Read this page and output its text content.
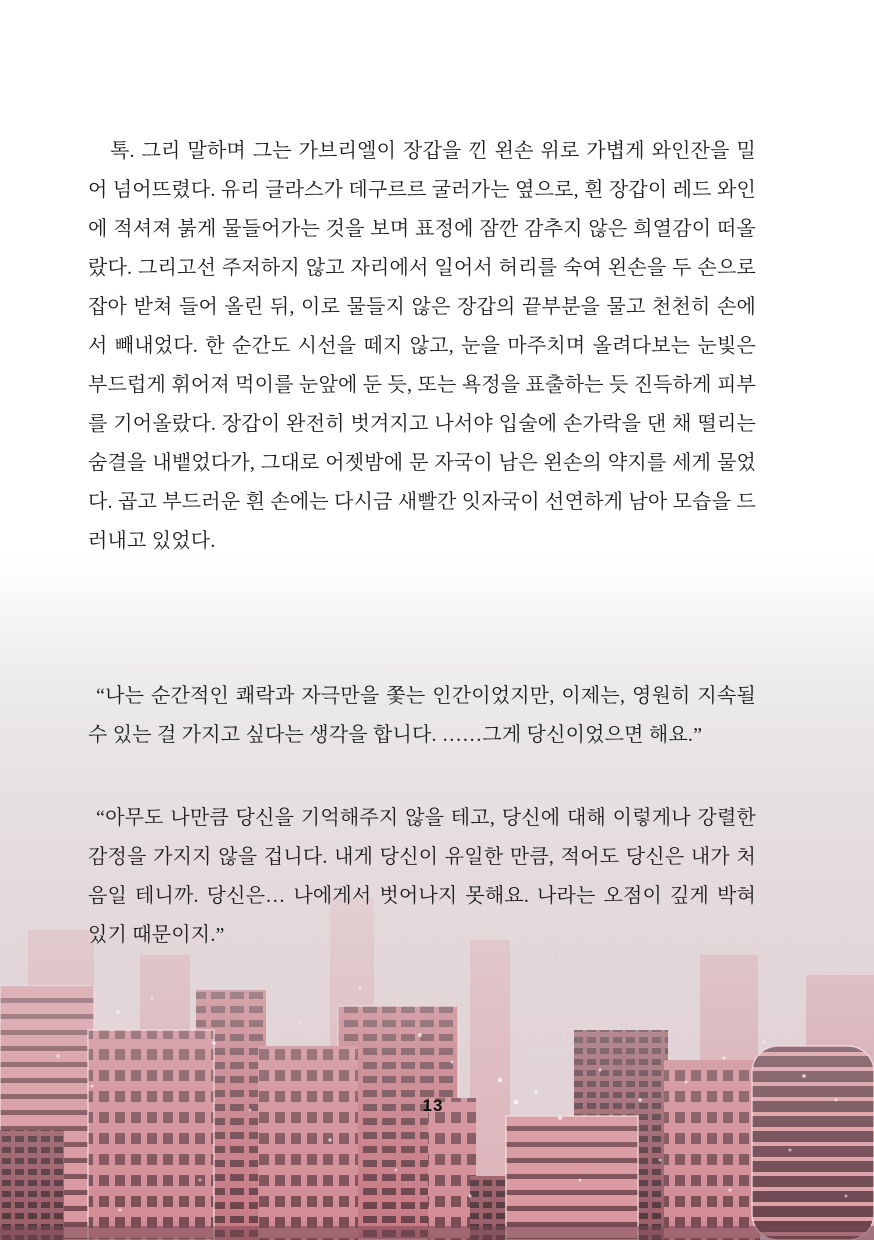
톡. 그리 말하며 그는 가브리엘이 장갑을 낀 왼손 위로 가볍게 와인잔을 밀어 넘어뜨렸다. 유리 글라스가 데구르르 굴러가는 옆으로, 흰 장갑이 레드 와인에 적셔져 붉게 물들어가는 것을 보며 표정에 잠깐 감추지 않은 희열감이 떠올랐다. 그리고선 주저하지 않고 자리에서 일어서 허리를 숙여 왼손을 두 손으로 잡아 받쳐 들어 올린 뒤, 이로 물들지 않은 장갑의 끝부분을 물고 천천히 손에서 빼내었다. 한 순간도 시선을 떼지 않고, 눈을 마주치며 올려다보는 눈빛은 부드럽게 휘어져 먹이를 눈앞에 둔 듯, 또는 욕정을 표출하는 듯 진득하게 피부를 기어올랐다. 장갑이 완전히 벗겨지고 나서야 입술에 손가락을 댄 채 떨리는 숨결을 내뱉었다가, 그대로 어젯밤에 문 자국이 남은 왼손의 약지를 세게 물었다. 곱고 부드러운 흰 손에는 다시금 새빨간 잇자국이 선연하게 남아 모습을 드러내고 있었다.

“나는 순간적인 쾌락과 자극만을 쫓는 인간이었지만, 이제는, 영원히 지속될 수 있는 걸 가지고 싶다는 생각을 합니다. ……그게 당신이었으면 해요.”

“아무도 나만큼 당신을 기억해주지 않을 테고, 당신에 대해 이렇게나 강렬한 감정을 가지지 않을 겁니다. 내게 당신이 유일한 만큼, 적어도 당신은 내가 처음일 테니까. 당신은… 나에게서 벗어나지 못해요. 나라는 오점이 깊게 박혀 있기 때문이지.”

13
